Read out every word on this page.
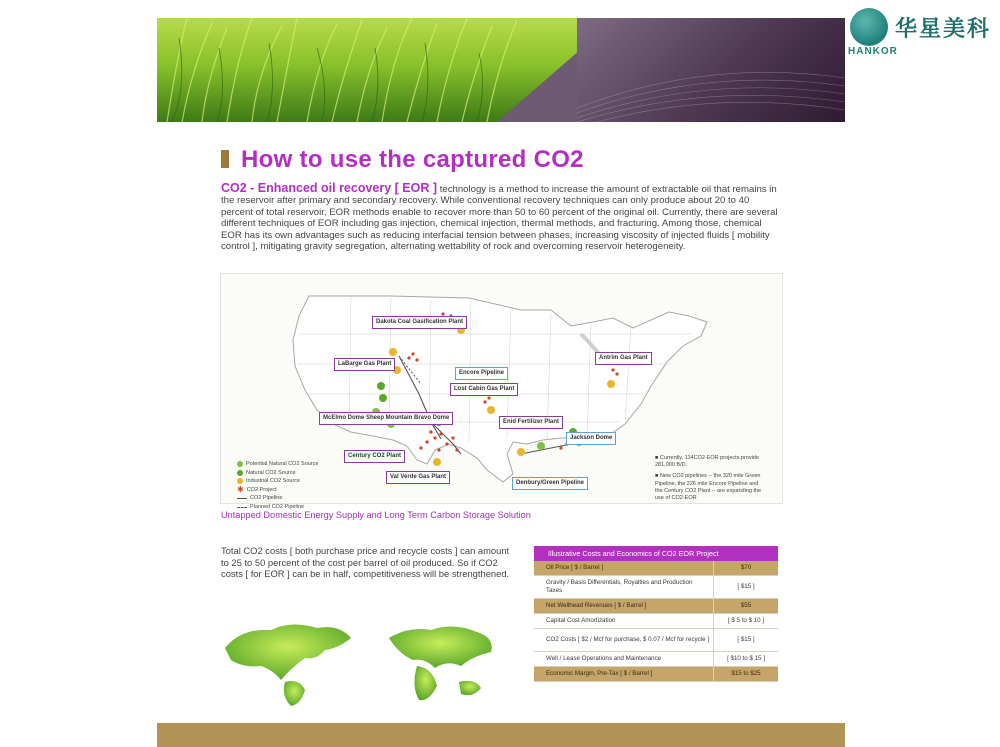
How to use the captured CO2
CO2 - Enhanced oil recovery [ EOR ] technology is a method to increase the amount of extractable oil that remains in the reservoir after primary and secondary recovery. While conventional recovery techniques can only produce about 20 to 40 percent of total reservoir, EOR methods enable to recover more than 50 to 60 percent of the original oil. Currently, there are several different techniques of EOR including gas injection, chemical injection, thermal methods, and fracturing. Among those, chemical EOR has its own advantages such as reducing interfacial tension between phases, increasing viscosity of injected fluids [ mobility control ], mitigating gravity segregation, alternating wettability of rock and overcoming reservoir heterogeneity.
Dakota Coal Gasification Plant
LaBarge Gas Plant
Encore Pipeline
Lost Cabin Gas Plant
Antrim Gas Plant
McElmo Dome Sheep Mountain Bravo Dome
Enid Fertilizer Plant
Jackson Dome
Century CO2 Plant
Val Verde Gas Plant
Denbury/Green Pipeline
Potential Natural CO2 Source
Natural CO2 Source
Industrial CO2 Source
✱ CO2 Project
CO2 Pipeline
Planned CO2 Pipeline

■ Currently, 114CO2-EOR projects provide 281,000 B/D.

■ New CO2 pipelines -- the 320 mile Green Pipeline, the 226 mile Encore Pipeline and the Century CO2 Plant -- are expanding the use of CO2-EOR

Untapped Domestic Energy Supply and Long Term Carbon Storage Solution
Total CO2 costs [ both purchase price and recycle costs ] can amount to 25 to 50 percent of the cost per barrel of oil produced. So if CO2 costs [ for EOR ] can be in half, competitiveness will be strengthened.
Illustrative Costs and Economics of CO2 EOR Project	
Oil Price [ $ / Barrel ]	$70
Gravity / Basis Differentials, Royalties and Production Taxes	[ $15 ]
Net Wellhead Revenues [ $ / Barrel ]	$55
Capital Cost Amortization	[ $ 5 to $ 10 ]
CO2 Costs [ $2 / Mcf for purchase, $ 0.07 / Mcf for recycle ]	[ $15 ]
Well / Lease Operations and Maintenance	[ $10 to $ 15 ]
Economic Margin, Pre-Tax [ $ / Barrel ]	$15 to $25
HANKOR
华星美科
